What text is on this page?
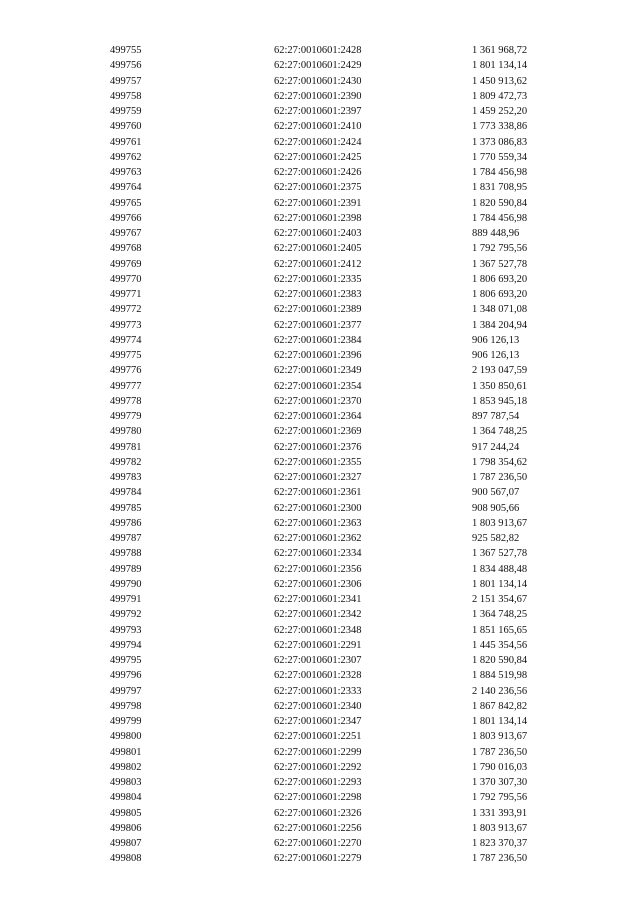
499755	62:27:0010601:2428	1 361 968,72
499756	62:27:0010601:2429	1 801 134,14
499757	62:27:0010601:2430	1 450 913,62
499758	62:27:0010601:2390	1 809 472,73
499759	62:27:0010601:2397	1 459 252,20
499760	62:27:0010601:2410	1 773 338,86
499761	62:27:0010601:2424	1 373 086,83
499762	62:27:0010601:2425	1 770 559,34
499763	62:27:0010601:2426	1 784 456,98
499764	62:27:0010601:2375	1 831 708,95
499765	62:27:0010601:2391	1 820 590,84
499766	62:27:0010601:2398	1 784 456,98
499767	62:27:0010601:2403	889 448,96
499768	62:27:0010601:2405	1 792 795,56
499769	62:27:0010601:2412	1 367 527,78
499770	62:27:0010601:2335	1 806 693,20
499771	62:27:0010601:2383	1 806 693,20
499772	62:27:0010601:2389	1 348 071,08
499773	62:27:0010601:2377	1 384 204,94
499774	62:27:0010601:2384	906 126,13
499775	62:27:0010601:2396	906 126,13
499776	62:27:0010601:2349	2 193 047,59
499777	62:27:0010601:2354	1 350 850,61
499778	62:27:0010601:2370	1 853 945,18
499779	62:27:0010601:2364	897 787,54
499780	62:27:0010601:2369	1 364 748,25
499781	62:27:0010601:2376	917 244,24
499782	62:27:0010601:2355	1 798 354,62
499783	62:27:0010601:2327	1 787 236,50
499784	62:27:0010601:2361	900 567,07
499785	62:27:0010601:2300	908 905,66
499786	62:27:0010601:2363	1 803 913,67
499787	62:27:0010601:2362	925 582,82
499788	62:27:0010601:2334	1 367 527,78
499789	62:27:0010601:2356	1 834 488,48
499790	62:27:0010601:2306	1 801 134,14
499791	62:27:0010601:2341	2 151 354,67
499792	62:27:0010601:2342	1 364 748,25
499793	62:27:0010601:2348	1 851 165,65
499794	62:27:0010601:2291	1 445 354,56
499795	62:27:0010601:2307	1 820 590,84
499796	62:27:0010601:2328	1 884 519,98
499797	62:27:0010601:2333	2 140 236,56
499798	62:27:0010601:2340	1 867 842,82
499799	62:27:0010601:2347	1 801 134,14
499800	62:27:0010601:2251	1 803 913,67
499801	62:27:0010601:2299	1 787 236,50
499802	62:27:0010601:2292	1 790 016,03
499803	62:27:0010601:2293	1 370 307,30
499804	62:27:0010601:2298	1 792 795,56
499805	62:27:0010601:2326	1 331 393,91
499806	62:27:0010601:2256	1 803 913,67
499807	62:27:0010601:2270	1 823 370,37
499808	62:27:0010601:2279	1 787 236,50
